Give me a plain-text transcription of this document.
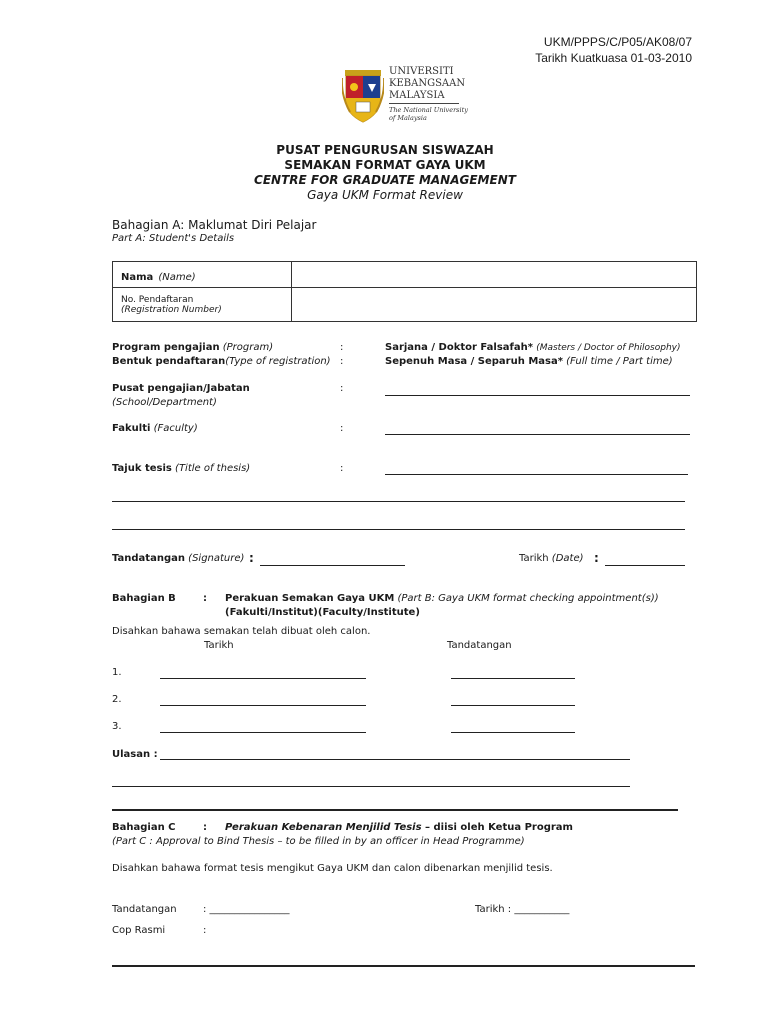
UKM/PPPS/C/P05/AK08/07
Tarikh Kuatkuasa 01-03-2010
UNIVERSITI
KEBANGSAAN
MALAYSIA
The National University
of Malaysia
PUSAT PENGURUSAN SISWAZAH
SEMAKAN FORMAT GAYA UKM
CENTRE FOR GRADUATE MANAGEMENT
Gaya UKM Format Review
Bahagian A: Maklumat Diri Pelajar
Part A: Student's Details
Nama (Name)	

No. Pendaftaran
(Registration Number)	

Program pengajian (Program)	:	Sarjana / Doktor Falsafah* (Masters / Doctor of Philosophy)
Bentuk pendaftaran(Type of registration) :	Sepenuh Masa / Separuh Masa* (Full time / Part time)
Pusat pengajian/Jabatan
(School/Department)
:
Fakulti (Faculty)	:
Tajuk tesis (Title of thesis)	:
Tandatangan (Signature) :	Tarikh (Date) :
Bahagian B	: Perakuan Semakan Gaya UKM (Part B: Gaya UKM format checking appointment(s))
(Fakulti/Institut)(Faculty/Institute)
Disahkan bahawa semakan telah dibuat oleh calon.
Tarikh	Tandatangan
1.
2.
3.
Ulasan :
Bahagian C	: Perakuan Kebenaran Menjilid Tesis – diisi oleh Ketua Program
(Part C : Approval to Bind Thesis – to be filled in by an officer in Head Programme)
Disahkan bahawa format tesis mengikut Gaya UKM dan calon dibenarkan menjilid tesis.
Tandatangan	: ________________	Tarikh : ___________
Cop Rasmi	:
